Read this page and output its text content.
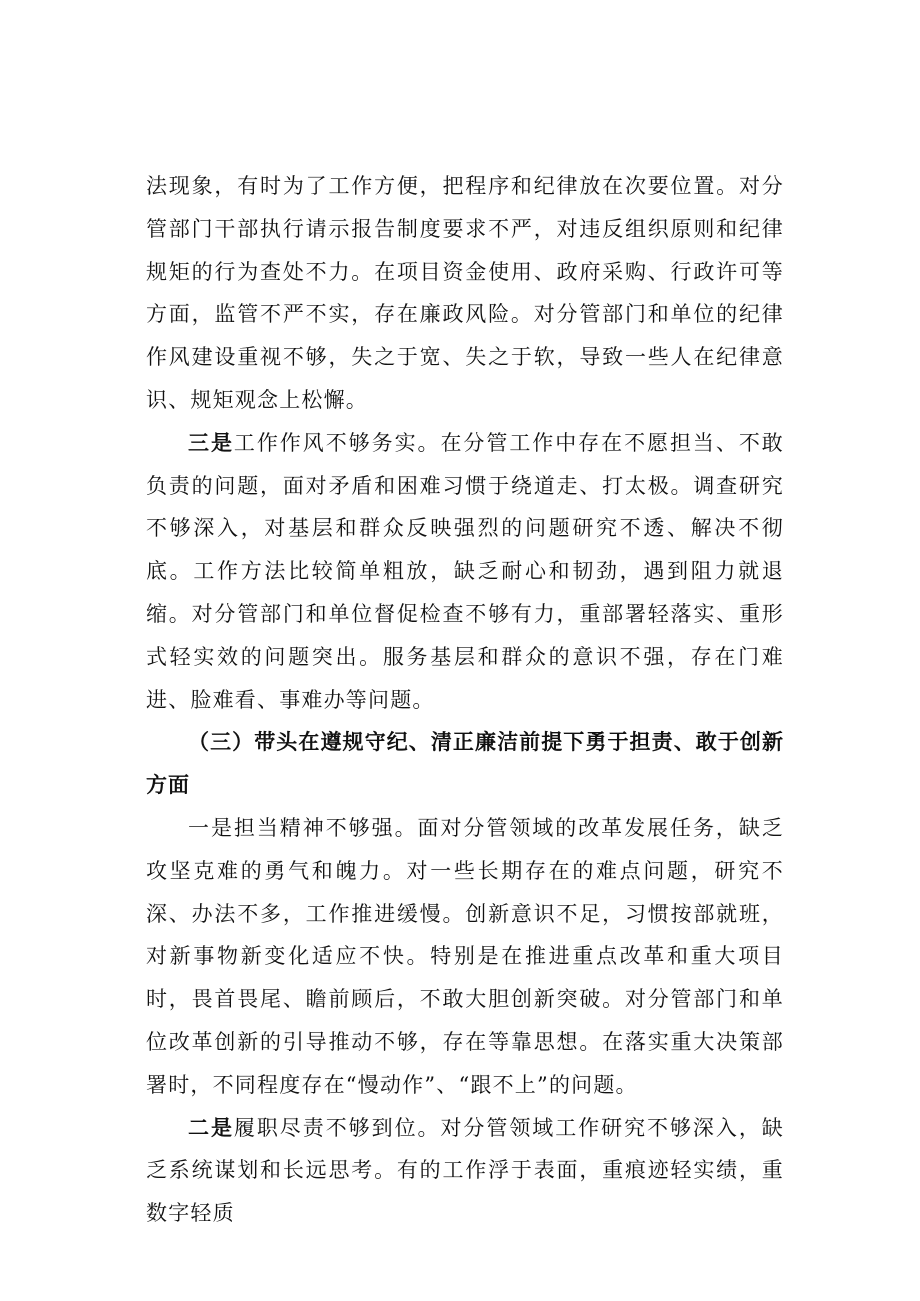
法现象，有时为了工作方便，把程序和纪律放在次要位置。对分管部门干部执行请示报告制度要求不严，对违反组织原则和纪律规矩的行为查处不力。在项目资金使用、政府采购、行政许可等方面，监管不严不实，存在廉政风险。对分管部门和单位的纪律作风建设重视不够，失之于宽、失之于软，导致一些人在纪律意识、规矩观念上松懈。

三是工作作风不够务实。在分管工作中存在不愿担当、不敢负责的问题，面对矛盾和困难习惯于绕道走、打太极。调查研究不够深入，对基层和群众反映强烈的问题研究不透、解决不彻底。工作方法比较简单粗放，缺乏耐心和韧劲，遇到阻力就退缩。对分管部门和单位督促检查不够有力，重部署轻落实、重形式轻实效的问题突出。服务基层和群众的意识不强，存在门难进、脸难看、事难办等问题。

（三）带头在遵规守纪、清正廉洁前提下勇于担责、敢于创新方面

一是担当精神不够强。面对分管领域的改革发展任务，缺乏攻坚克难的勇气和魄力。对一些长期存在的难点问题，研究不深、办法不多，工作推进缓慢。创新意识不足，习惯按部就班，对新事物新变化适应不快。特别是在推进重点改革和重大项目时，畏首畏尾、瞻前顾后，不敢大胆创新突破。对分管部门和单位改革创新的引导推动不够，存在等靠思想。在落实重大决策部署时，不同程度存在“慢动作”、“跟不上”的问题。

二是履职尽责不够到位。对分管领域工作研究不够深入，缺乏系统谋划和长远思考。有的工作浮于表面，重痕迹轻实绩，重数字轻质
